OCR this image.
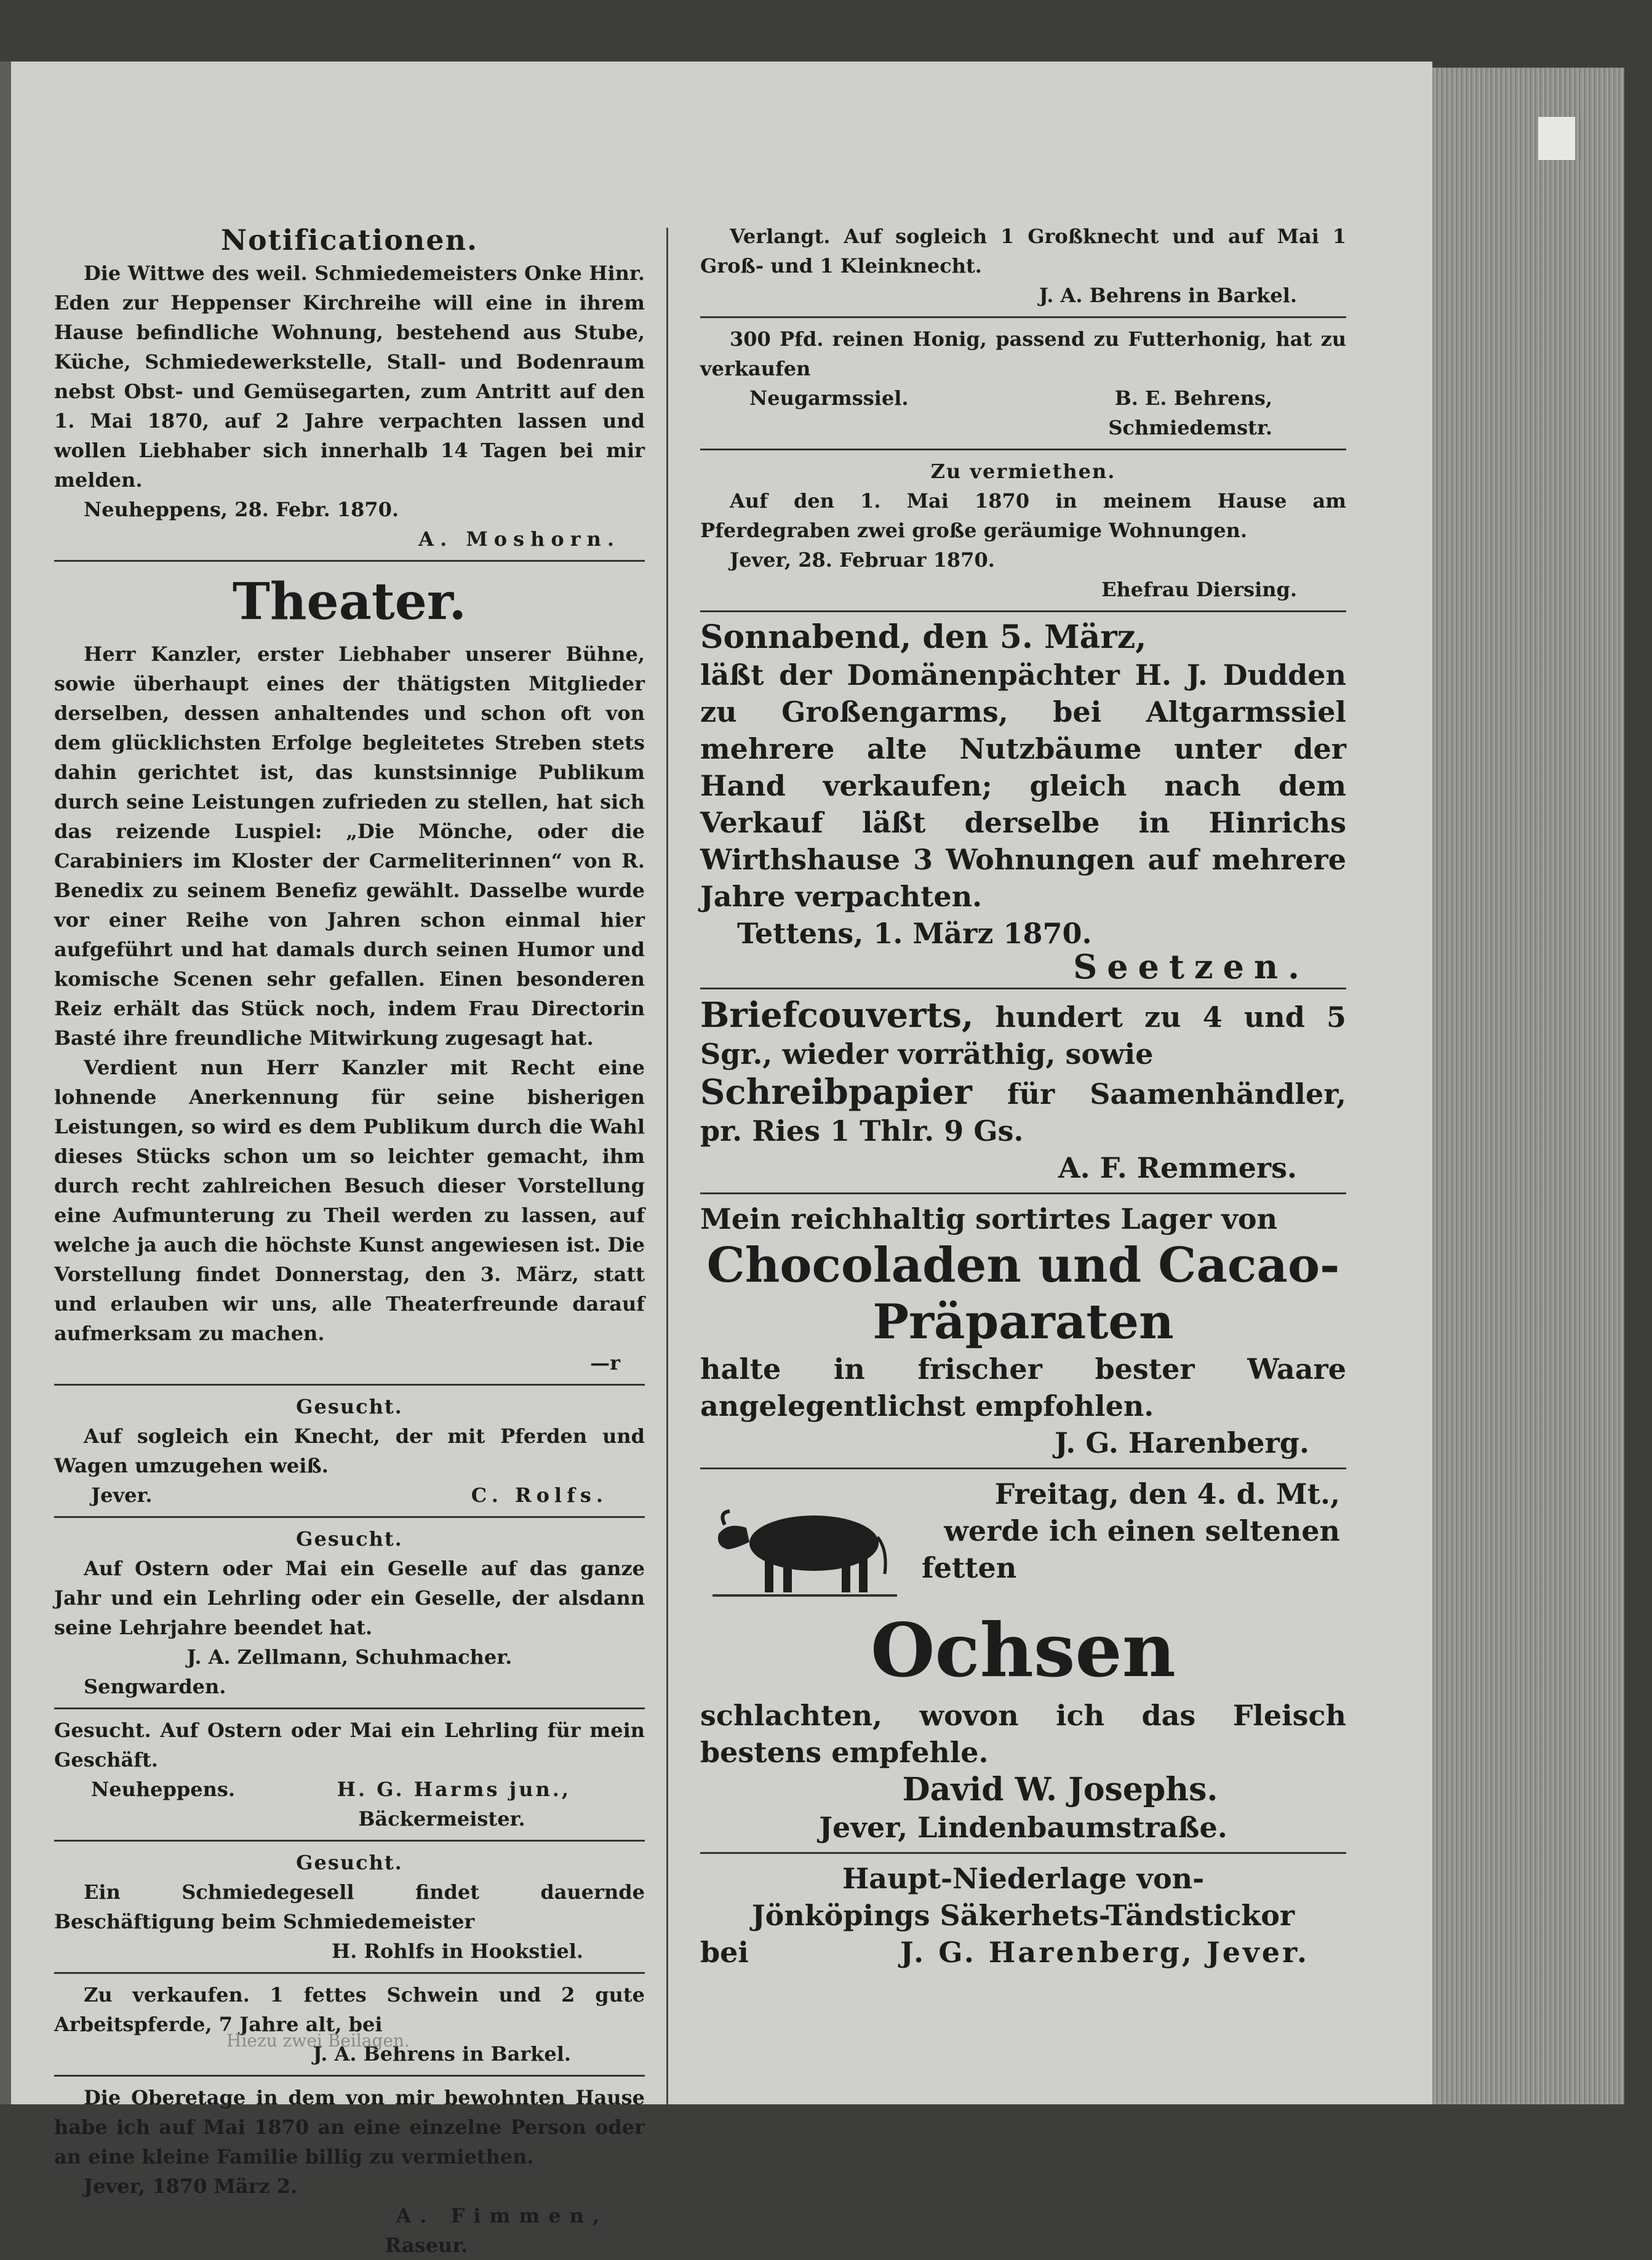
Notificationen.

Die Wittwe des weil. Schmiedemeisters Onke Hinr. Eden zur Heppenser Kirchreihe will eine in ihrem Hause befindliche Wohnung, bestehend aus Stube, Küche, Schmiedewerkstelle, Stall- und Bodenraum nebst Obst- und Gemüsegarten, zum Antritt auf den 1. Mai 1870, auf 2 Jahre verpachten lassen und wollen Liebhaber sich innerhalb 14 Tagen bei mir melden.

Neuheppens, 28. Febr. 1870.

A. Moshorn.

Theater.

Herr Kanzler, erster Liebhaber unserer Bühne, sowie überhaupt eines der thätigsten Mitglieder derselben, dessen anhaltendes und schon oft von dem glücklichsten Erfolge begleitetes Streben stets dahin gerichtet ist, das kunstsinnige Publikum durch seine Leistungen zufrieden zu stellen, hat sich das reizende Luspiel: „Die Mönche, oder die Carabiniers im Kloster der Carmeliterinnen“ von R. Benedix zu seinem Benefiz gewählt. Dasselbe wurde vor einer Reihe von Jahren schon einmal hier aufgeführt und hat damals durch seinen Humor und komische Scenen sehr gefallen. Einen besonderen Reiz erhält das Stück noch, indem Frau Directorin Basté ihre freundliche Mitwirkung zugesagt hat.

Verdient nun Herr Kanzler mit Recht eine lohnende Anerkennung für seine bisherigen Leistungen, so wird es dem Publikum durch die Wahl dieses Stücks schon um so leichter gemacht, ihm durch recht zahlreichen Besuch dieser Vorstellung eine Aufmunterung zu Theil werden zu lassen, auf welche ja auch die höchste Kunst angewiesen ist. Die Vorstellung findet Donnerstag, den 3. März, statt und erlauben wir uns, alle Theaterfreunde darauf aufmerksam zu machen.

—r

Gesucht.

Auf sogleich ein Knecht, der mit Pferden und Wagen umzugehen weiß.

Jever.	C. Rolfs.
Gesucht.

Auf Ostern oder Mai ein Geselle auf das ganze Jahr und ein Lehrling oder ein Geselle, der alsdann seine Lehrjahre beendet hat.

J. A. Zellmann, Schuhmacher.

Sengwarden.

Gesucht. Auf Ostern oder Mai ein Lehrling für mein Geschäft.

Neuheppens.	H. G. Harms jun.,

Bäckermeister.

Gesucht.

Ein Schmiedegesell findet dauernde Beschäftigung beim Schmiedemeister

H. Rohlfs in Hookstiel.

Zu verkaufen. 1 fettes Schwein und 2 gute Arbeitspferde, 7 Jahre alt, bei

J. A. Behrens in Barkel.

Die Oberetage in dem von mir bewohnten Hause habe ich auf Mai 1870 an eine einzelne Person oder an eine kleine Familie billig zu vermiethen.

Jever, 1870 März 2.

A. Fimmen,

Raseur.

Verlangt. Auf sogleich 1 Großknecht und auf Mai 1 Groß- und 1 Kleinknecht.

J. A. Behrens in Barkel.

300 Pfd. reinen Honig, passend zu Futterhonig, hat zu verkaufen

Neugarmssiel.	B. E. Behrens,

Schmiedemstr.

Zu vermiethen.

Auf den 1. Mai 1870 in meinem Hause am Pferdegraben zwei große geräumige Wohnungen.

Jever, 28. Februar 1870.

Ehefrau Diersing.

Sonnabend, den 5. März,

läßt der Domänenpächter H. J. Dudden zu Großengarms, bei Altgarmssiel mehrere alte Nutzbäume unter der Hand verkaufen; gleich nach dem Verkauf läßt derselbe in Hinrichs Wirthshause 3 Wohnungen auf mehrere Jahre verpachten.

Tettens, 1. März 1870.

Seetzen.

Briefcouverts, hundert zu 4 und 5 Sgr., wieder vorräthig, sowie

Schreibpapier für Saamenhändler, pr. Ries 1 Thlr. 9 Gs.

A. F. Remmers.

Mein reichhaltig sortirtes Lager von

Chocoladen und Cacao-
Präparaten

halte in frischer bester Waare angelegentlichst empfohlen.

J. G. Harenberg.

Freitag, den 4. d. Mt.,
werde ich einen seltenen
fetten
Ochsen

schlachten, wovon ich das Fleisch bestens empfehle.

David W. Josephs.

Jever, Lindenbaumstraße.

Haupt-Niederlage von-

Jönköpings Säkerhets-Tändstickor

bei	J. G. Harenberg, Jever.
Hiezu zwei Beilagen.
